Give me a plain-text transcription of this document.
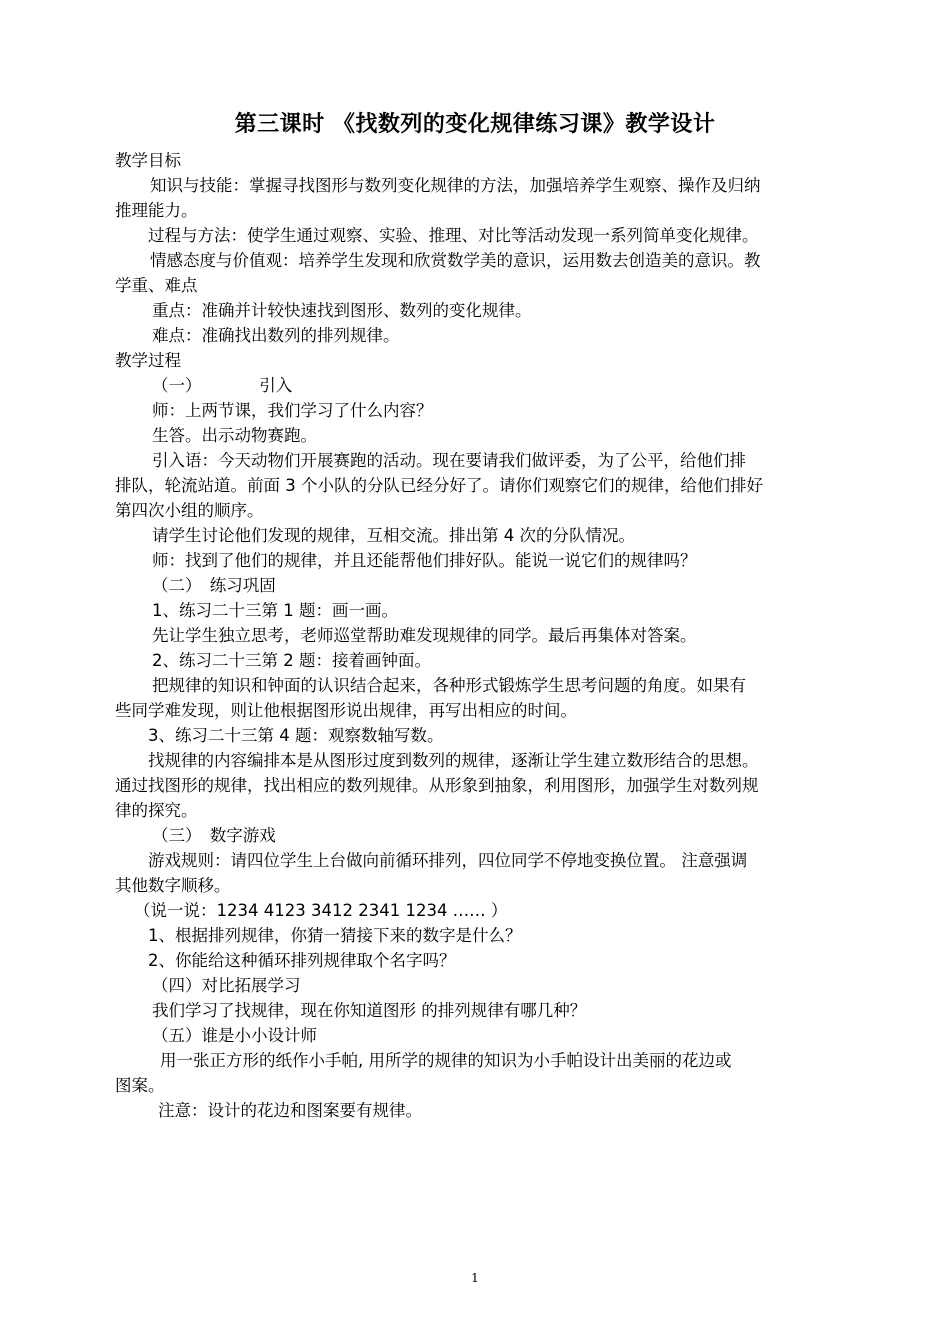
第三课时 《找数列的变化规律练习课》教学设计
教学目标
知识与技能：掌握寻找图形与数列变化规律的方法，加强培养学生观察、操作及归纳
推理能力。
过程与方法：使学生通过观察、实验、推理、对比等活动发现一系列简单变化规律。
情感态度与价值观：培养学生发现和欣赏数学美的意识，运用数去创造美的意识。教
学重、难点
重点：准确并计较快速找到图形、数列的变化规律。
难点：准确找出数列的排列规律。
教学过程
（一）　　　　引入
师：上两节课，我们学习了什么内容？
生答。出示动物赛跑。
引入语：今天动物们开展赛跑的活动。现在要请我们做评委，为了公平，给他们排
排队，轮流站道。前面 3 个小队的分队已经分好了。请你们观察它们的规律，给他们排好
第四次小组的顺序。
请学生讨论他们发现的规律，互相交流。排出第 4 次的分队情况。
师：找到了他们的规律，并且还能帮他们排好队。能说一说它们的规律吗？
（二）　练习巩固
1、练习二十三第 1 题：画一画。
先让学生独立思考，老师巡堂帮助难发现规律的同学。最后再集体对答案。
2、练习二十三第 2 题：接着画钟面。
把规律的知识和钟面的认识结合起来，各种形式锻炼学生思考问题的角度。如果有
些同学难发现，则让他根据图形说出规律，再写出相应的时间。
3、练习二十三第 4 题：观察数轴写数。
找规律的内容编排本是从图形过度到数列的规律，逐渐让学生建立数形结合的思想。
通过找图形的规律，找出相应的数列规律。从形象到抽象，利用图形，加强学生对数列规
律的探究。
（三）　数字游戏
游戏规则：请四位学生上台做向前循环排列，四位同学不停地变换位置。 注意强调
其他数字顺移。
（说一说：1234 4123 3412 2341 1234 …… ）
1、根据排列规律，你猜一猜接下来的数字是什么？
2、你能给这种循环排列规律取个名字吗？
（四）对比拓展学习
我们学习了找规律，现在你知道图形 的排列规律有哪几种？
（五）谁是小小设计师
用一张正方形的纸作小手帕, 用所学的规律的知识为小手帕设计出美丽的花边或
图案。
注意：设计的花边和图案要有规律。
1
